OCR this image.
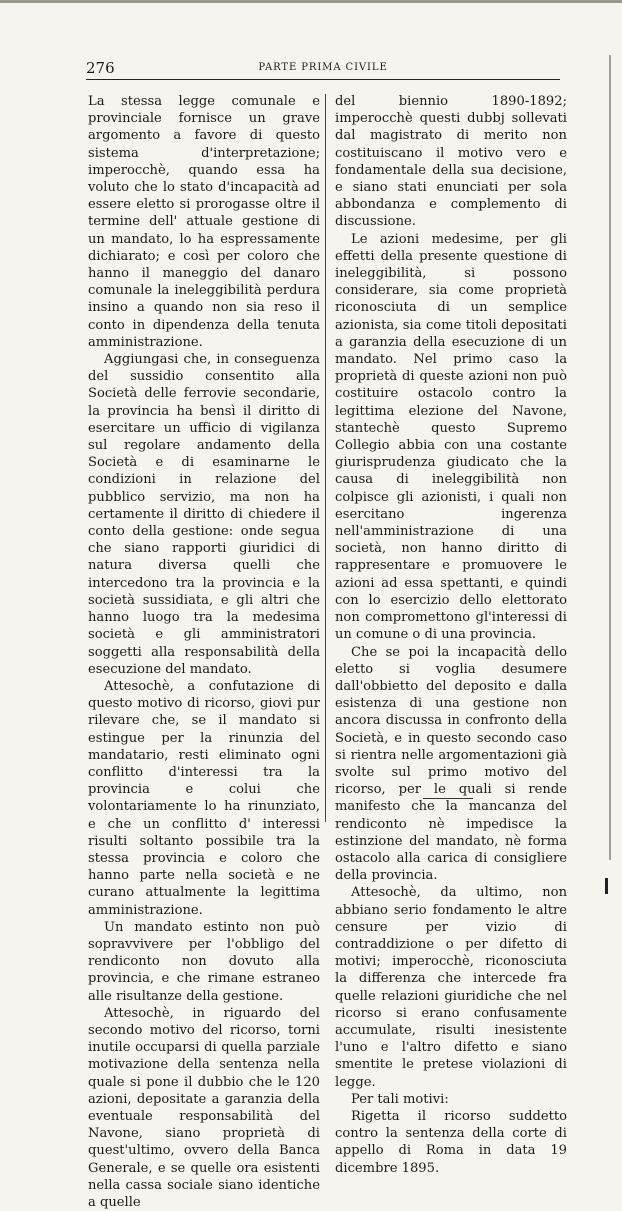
276	PARTE PRIMA CIVILE

La stessa legge comunale e provinciale fornisce un grave argomento a favore di questo sistema d'interpretazione; imperocchè, quando essa ha voluto che lo stato d'incapacità ad essere eletto si prorogasse oltre il termine dell' attuale gestione di un mandato, lo ha espressamente dichiarato; e così per coloro che hanno il maneggio del danaro comunale la ineleggibilità perdura insino a quando non sia reso il conto in dipendenza della tenuta amministrazione.

Aggiungasi che, in conseguenza del sussidio consentito alla Società delle ferrovie secondarie, la provincia ha bensì il diritto di esercitare un ufficio di vigilanza sul regolare andamento della Società e di esaminarne le condizioni in relazione del pubblico servizio, ma non ha certamente il diritto di chiedere il conto della gestione: onde segua che siano rapporti giuridici di natura diversa quelli che intercedono tra la provincia e la società sussidiata, e gli altri che hanno luogo tra la medesima società e gli amministratori soggetti alla responsabilità della esecuzione del mandato.

Attesochè, a confutazione di questo motivo di ricorso, giovi pur rilevare che, se il mandato si estingue per la rinunzia del mandatario, resti eliminato ogni conflitto d'interessi tra la provincia e colui che volontariamente lo ha rinunziato, e che un conflitto d' interessi risulti soltanto possibile tra la stessa provincia e coloro che hanno parte nella società e ne curano attualmente la legittima amministrazione.

Un mandato estinto non può sopravvivere per l'obbligo del rendiconto non dovuto alla provincia, e che rimane estraneo alle risultanze della gestione.

Attesochè, in riguardo del secondo motivo del ricorso, torni inutile occuparsi di quella parziale motivazione della sentenza nella quale si pone il dubbio che le 120 azioni, depositate a garanzia della eventuale responsabilità del Navone, siano proprietà di quest'ultimo, ovvero della Banca Generale, e se quelle ora esistenti nella cassa sociale siano identiche a quelle

del biennio 1890-1892; imperocchè questi dubbj sollevati dal magistrato di merito non costituiscano il motivo vero e fondamentale della sua decisione, e siano stati enunciati per sola abbondanza e complemento di discussione.

Le azioni medesime, per gli effetti della presente questione di ineleggibilità, si possono considerare, sia come proprietà riconosciuta di un semplice azionista, sia come titoli depositati a garanzia della esecuzione di un mandato. Nel primo caso la proprietà di queste azioni non può costituire ostacolo contro la legittima elezione del Navone, stantechè questo Supremo Collegio abbia con una costante giurisprudenza giudicato che la causa di ineleggibilità non colpisce gli azionisti, i quali non esercitano ingerenza nell'amministrazione di una società, non hanno diritto di rappresentare e promuovere le azioni ad essa spettanti, e quindi con lo esercizio dello elettorato non compromettono gl'interessi di un comune o di una provincia.

Che se poi la incapacità dello eletto si voglia desumere dall'obbietto del deposito e dalla esistenza di una gestione non ancora discussa in confronto della Società, e in questo secondo caso si rientra nelle argomentazioni già svolte sul primo motivo del ricorso, per le quali si rende manifesto che la mancanza del rendiconto nè impedisce la estinzione del mandato, nè forma ostacolo alla carica di consigliere della provincia.

Attesochè, da ultimo, non abbiano serio fondamento le altre censure per vizio di contraddizione o per difetto di motivi; imperocchè, riconosciuta la differenza che intercede fra quelle relazioni giuridiche che nel ricorso si erano confusamente accumulate, risulti inesistente l'uno e l'altro difetto e siano smentite le pretese violazioni di legge.

Per tali motivi:

Rigetta il ricorso suddetto contro la sentenza della corte di appello di Roma in data 19 dicembre 1895.
